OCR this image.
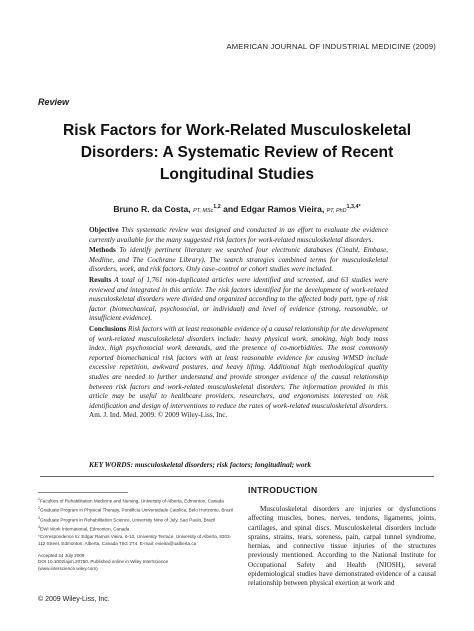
AMERICAN JOURNAL OF INDUSTRIAL MEDICINE (2009)
Review
Risk Factors for Work-Related Musculoskeletal
Disorders: A Systematic Review of Recent
Longitudinal Studies
Bruno R. da Costa, PT, MSc$^{1,2}$ and Edgar Ramos Vieira, PT, PhD$^{1,3,4*}$

Objective This systematic review was designed and conducted in an effort to evaluate the evidence currently available for the many suggested risk factors for work-related musculoskeletal disorders.

Methods To identify pertinent literature we searched four electronic databases (Cinahl, Embase, Medline, and The Cochrane Library). The search strategies combined terms for musculoskeletal disorders, work, and risk factors. Only case–control or cohort studies were included.

Results A total of 1,761 non-duplicated articles were identified and screened, and 63 studies were reviewed and integrated in this article. The risk factors identified for the development of work-related musculoskeletal disorders were divided and organized according to the affected body part, type of risk factor (biomechanical, psychosocial, or individual) and level of evidence (strong, reasonable, or insufficient evidence).

Conclusions Risk factors with at least reasonable evidence of a causal relationship for the development of work-related musculoskeletal disorders include: heavy physical work, smoking, high body mass index, high psychosocial work demands, and the presence of co-morbidities. The most commonly reported biomechanical risk factors with at least reasonable evidence for causing WMSD include excessive repetition, awkward postures, and heavy lifting. Additional high methodological quality studies are needed to further understand and provide stronger evidence of the causal relationship between risk factors and work-related musculoskeletal disorders. The information provided in this article may be useful to healthcare providers, researchers, and ergonomists interested on risk identification and design of interventions to reduce the rates of work-related musculoskeletal disorders. Am. J. Ind. Med. 2009. © 2009 Wiley-Liss, Inc.

KEY WORDS: musculoskeletal disorders; risk factors; longitudinal; work

$^1$Faculties of Rehabilitation Medicine and Nursing, University of Alberta, Edmonton, Canada

$^2$Graduate Program in Physical Therapy, Pontificia Universidade Catolica, Belo Horizonte, Brazil

$^3$Graduate Program in Rehabilitation Science, University Nine of July, Sao Paulo, Brazil

$^4$EWI Work International, Edmonton, Canada

*Correspondence to: Edgar Ramos Vieira, 6-10, University Terrace, University of Alberta, 8303-112 Street, Edmonton, Alberta, Canada T6G 2T4. E-mail: evieira@ualberta.ca

Accepted 24 July 2009

DOI 10.1002/ajim.20750. Published online in Wiley InterScience

(www.interscience.wiley.com)

© 2009 Wiley-Liss, Inc.
INTRODUCTION
Musculoskeletal disorders are injuries or dysfunctions affecting muscles, bones, nerves, tendons, ligaments, joints, cartilages, and spinal discs. Musculoskeletal disorders include sprains, strains, tears, soreness, pain, carpal tunnel syndrome, hernias, and connective tissue injuries of the structures previously mentioned. According to the National Institute for Occupational Safety and Health (NIOSH), several epidemiological studies have demonstrated evidence of a causal relationship between physical exertion at work and
